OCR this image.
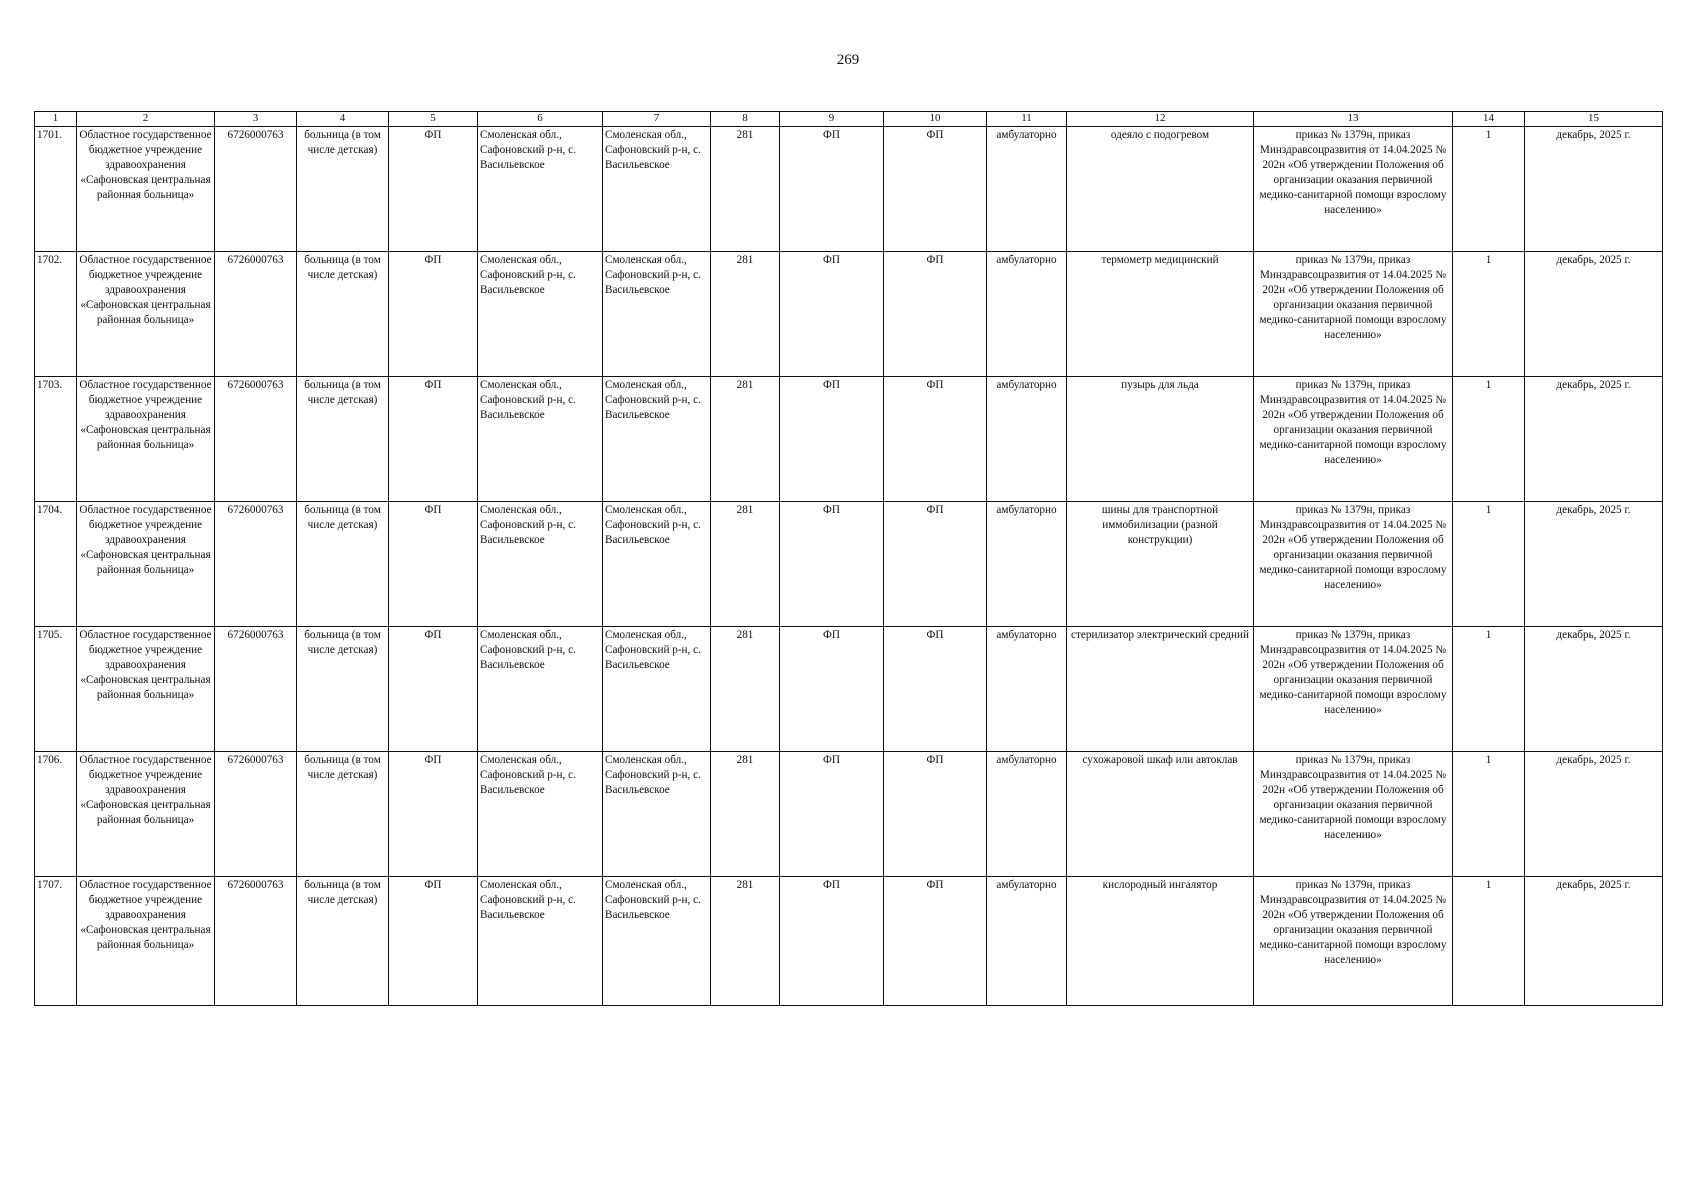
269
1	2	3	4	5	6	7	8	9	10	11	12	13	14	15
1701.	Областное государственное бюджетное учреждение здравоохранения «Сафоновская центральная районная больница»	6726000763	больница (в том числе детская)	ФП	Смоленская обл., Сафоновский р-н, с. Васильевское	Смоленская обл., Сафоновский р-н, с. Васильевское	281	ФП	ФП	амбулаторно	одеяло с подогревом	приказ № 1379н, приказ Минздравсоцразвития от 14.04.2025 № 202н «Об утверждении Положения об организации оказания первичной медико-санитарной помощи взрослому населению»	1	декабрь, 2025 г.
1702.	Областное государственное бюджетное учреждение здравоохранения «Сафоновская центральная районная больница»	6726000763	больница (в том числе детская)	ФП	Смоленская обл., Сафоновский р-н, с. Васильевское	Смоленская обл., Сафоновский р-н, с. Васильевское	281	ФП	ФП	амбулаторно	термометр медицинский	приказ № 1379н, приказ Минздравсоцразвития от 14.04.2025 № 202н «Об утверждении Положения об организации оказания первичной медико-санитарной помощи взрослому населению»	1	декабрь, 2025 г.
1703.	Областное государственное бюджетное учреждение здравоохранения «Сафоновская центральная районная больница»	6726000763	больница (в том числе детская)	ФП	Смоленская обл., Сафоновский р-н, с. Васильевское	Смоленская обл., Сафоновский р-н, с. Васильевское	281	ФП	ФП	амбулаторно	пузырь для льда	приказ № 1379н, приказ Минздравсоцразвития от 14.04.2025 № 202н «Об утверждении Положения об организации оказания первичной медико-санитарной помощи взрослому населению»	1	декабрь, 2025 г.
1704.	Областное государственное бюджетное учреждение здравоохранения «Сафоновская центральная районная больница»	6726000763	больница (в том числе детская)	ФП	Смоленская обл., Сафоновский р-н, с. Васильевское	Смоленская обл., Сафоновский р-н, с. Васильевское	281	ФП	ФП	амбулаторно	шины для транспортной иммобилизации (разной конструкции)	приказ № 1379н, приказ Минздравсоцразвития от 14.04.2025 № 202н «Об утверждении Положения об организации оказания первичной медико-санитарной помощи взрослому населению»	1	декабрь, 2025 г.
1705.	Областное государственное бюджетное учреждение здравоохранения «Сафоновская центральная районная больница»	6726000763	больница (в том числе детская)	ФП	Смоленская обл., Сафоновский р-н, с. Васильевское	Смоленская обл., Сафоновский р-н, с. Васильевское	281	ФП	ФП	амбулаторно	стерилизатор электрический средний	приказ № 1379н, приказ Минздравсоцразвития от 14.04.2025 № 202н «Об утверждении Положения об организации оказания первичной медико-санитарной помощи взрослому населению»	1	декабрь, 2025 г.
1706.	Областное государственное бюджетное учреждение здравоохранения «Сафоновская центральная районная больница»	6726000763	больница (в том числе детская)	ФП	Смоленская обл., Сафоновский р-н, с. Васильевское	Смоленская обл., Сафоновский р-н, с. Васильевское	281	ФП	ФП	амбулаторно	сухожаровой шкаф или автоклав	приказ № 1379н, приказ Минздравсоцразвития от 14.04.2025 № 202н «Об утверждении Положения об организации оказания первичной медико-санитарной помощи взрослому населению»	1	декабрь, 2025 г.
1707.	Областное государственное бюджетное учреждение здравоохранения «Сафоновская центральная районная больница»	6726000763	больница (в том числе детская)	ФП	Смоленская обл., Сафоновский р-н, с. Васильевское	Смоленская обл., Сафоновский р-н, с. Васильевское	281	ФП	ФП	амбулаторно	кислородный ингалятор	приказ № 1379н, приказ Минздравсоцразвития от 14.04.2025 № 202н «Об утверждении Положения об организации оказания первичной медико-санитарной помощи взрослому населению»	1	декабрь, 2025 г.
